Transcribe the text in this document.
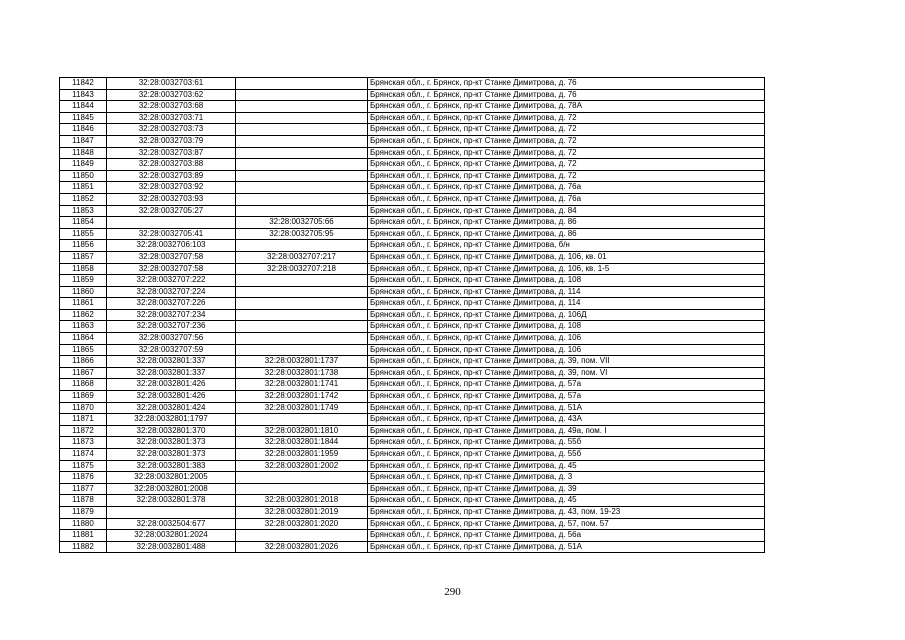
11842	32:28:0032703:61		Брянская обл., г. Брянск, пр-кт Станке Димитрова, д. 76
11843	32:28:0032703:62		Брянская обл., г. Брянск, пр-кт Станке Димитрова, д. 76
11844	32:28:0032703:68		Брянская обл., г. Брянск, пр-кт Станке Димитрова, д. 78А
11845	32:28:0032703:71		Брянская обл., г. Брянск, пр-кт Станке Димитрова, д. 72
11846	32:28:0032703:73		Брянская обл., г. Брянск, пр-кт Станке Димитрова, д. 72
11847	32:28:0032703:79		Брянская обл., г. Брянск, пр-кт Станке Димитрова, д. 72
11848	32:28:0032703:87		Брянская обл., г. Брянск, пр-кт Станке Димитрова, д. 72
11849	32:28:0032703:88		Брянская обл., г. Брянск, пр-кт Станке Димитрова, д. 72
11850	32:28:0032703:89		Брянская обл., г. Брянск, пр-кт Станке Димитрова, д. 72
11851	32:28:0032703:92		Брянская обл., г. Брянск, пр-кт Станке Димитрова, д. 76а
11852	32:28:0032703:93		Брянская обл., г. Брянск, пр-кт Станке Димитрова, д. 76а
11853	32:28:0032705:27		Брянская обл., г. Брянск, пр-кт Станке Димитрова, д. 84
11854		32:28:0032705:66	Брянская обл., г. Брянск, пр-кт Станке Димитрова, д. 86
11855	32:28:0032705:41	32:28:0032705:95	Брянская обл., г. Брянск, пр-кт Станке Димитрова, д. 86
11856	32:28:0032706:103		Брянская обл., г. Брянск, пр-кт Станке Димитрова, б/н
11857	32:28:0032707:58	32:28:0032707:217	Брянская обл., г. Брянск, пр-кт Станке Димитрова, д. 106, кв. 01
11858	32:28:0032707:58	32:28:0032707:218	Брянская обл., г. Брянск, пр-кт Станке Димитрова, д. 106, кв. 1-5
11859	32:28:0032707:222		Брянская обл., г. Брянск, пр-кт Станке Димитрова, д. 108
11860	32:28:0032707:224		Брянская обл., г. Брянск, пр-кт Станке Димитрова, д. 114
11861	32:28:0032707:226		Брянская обл., г. Брянск, пр-кт Станке Димитрова, д. 114
11862	32:28:0032707:234		Брянская обл., г. Брянск, пр-кт Станке Димитрова, д. 106Д
11863	32:28:0032707:236		Брянская обл., г. Брянск, пр-кт Станке Димитрова, д. 108
11864	32:28:0032707:56		Брянская обл., г. Брянск, пр-кт Станке Димитрова, д. 106
11865	32:28:0032707:59		Брянская обл., г. Брянск, пр-кт Станке Димитрова, д. 106
11866	32:28:0032801:337	32:28:0032801:1737	Брянская обл., г. Брянск, пр-кт Станке Димитрова, д. 39, пом. VII
11867	32:28:0032801:337	32:28:0032801:1738	Брянская обл., г. Брянск, пр-кт Станке Димитрова, д. 39, пом. VI
11868	32:28:0032801:426	32:28:0032801:1741	Брянская обл., г. Брянск, пр-кт Станке Димитрова, д. 57а
11869	32:28:0032801:426	32:28:0032801:1742	Брянская обл., г. Брянск, пр-кт Станке Димитрова, д. 57а
11870	32:28:0032801:424	32:28:0032801:1749	Брянская обл., г. Брянск, пр-кт Станке Димитрова, д. 51А
11871	32:28:0032801:1797		Брянская обл., г. Брянск, пр-кт Станке Димитрова, д. 43А
11872	32:28:0032801:370	32:28:0032801:1810	Брянская обл., г. Брянск, пр-кт Станке Димитрова, д. 49а, пом. I
11873	32:28:0032801:373	32:28:0032801:1844	Брянская обл., г. Брянск, пр-кт Станке Димитрова, д. 55б
11874	32:28:0032801:373	32:28:0032801:1959	Брянская обл., г. Брянск, пр-кт Станке Димитрова, д. 55б
11875	32:28:0032801:383	32:28:0032801:2002	Брянская обл., г. Брянск, пр-кт Станке Димитрова, д. 45
11876	32:28:0032801:2005		Брянская обл., г. Брянск, пр-кт Станке Димитрова, д. 3
11877	32:28:0032801:2008		Брянская обл., г. Брянск, пр-кт Станке Димитрова, д. 39
11878	32:28:0032801:378	32:28:0032801:2018	Брянская обл., г. Брянск, пр-кт Станке Димитрова, д. 45
11879		32:28:0032801:2019	Брянская обл., г. Брянск, пр-кт Станке Димитрова, д. 43, пом. 19-23
11880	32:28:0032504:677	32:28:0032801:2020	Брянская обл., г. Брянск, пр-кт Станке Димитрова, д. 57, пом. 57
11881	32:28:0032801:2024		Брянская обл., г. Брянск, пр-кт Станке Димитрова, д. 56а
11882	32:28:0032801:488	32:28:0032801:2026	Брянская обл., г. Брянск, пр-кт Станке Димитрова, д. 51А
290
